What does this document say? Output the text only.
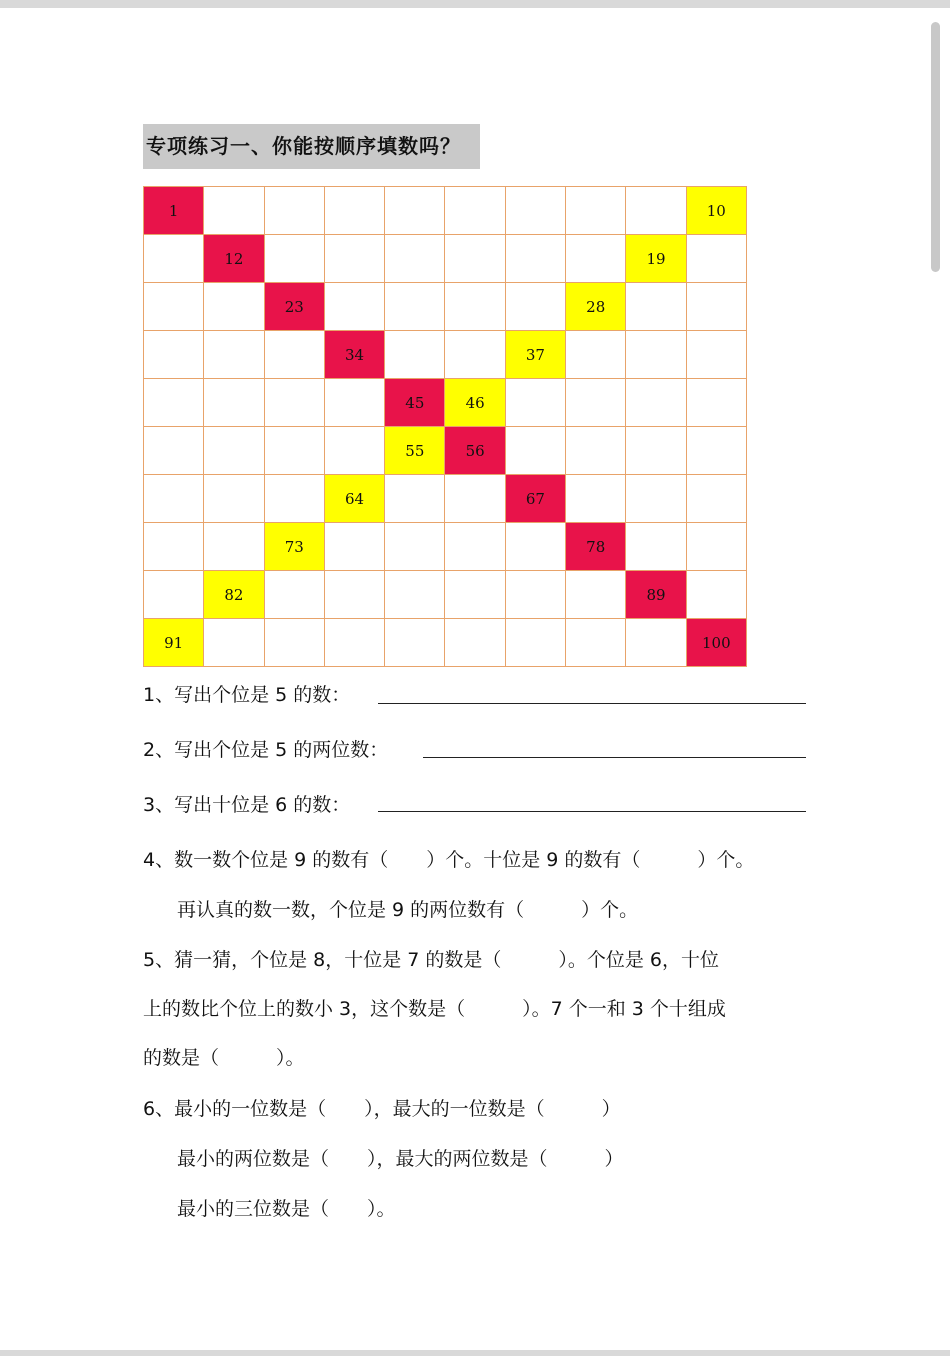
专项练习一、你能按顺序填数吗？
1	10
12	19
23	28
34	37
45	46
55	56
64	67
73	78
82	89
91	100
1、写出个位是 5 的数：
2、写出个位是 5 的两位数：
3、写出十位是 6 的数：
4、数一数个位是 9 的数有（　　）个。十位是 9 的数有（　　　）个。
再认真的数一数，个位是 9 的两位数有（　　　）个。
5、猜一猜，个位是 8，十位是 7 的数是（　　　）。个位是 6，十位
上的数比个位上的数小 3，这个数是（　　　）。7 个一和 3 个十组成
的数是（　　　）。
6、最小的一位数是（　　），最大的一位数是（　　　）
最小的两位数是（　　），最大的两位数是（　　　）
最小的三位数是（　　）。
